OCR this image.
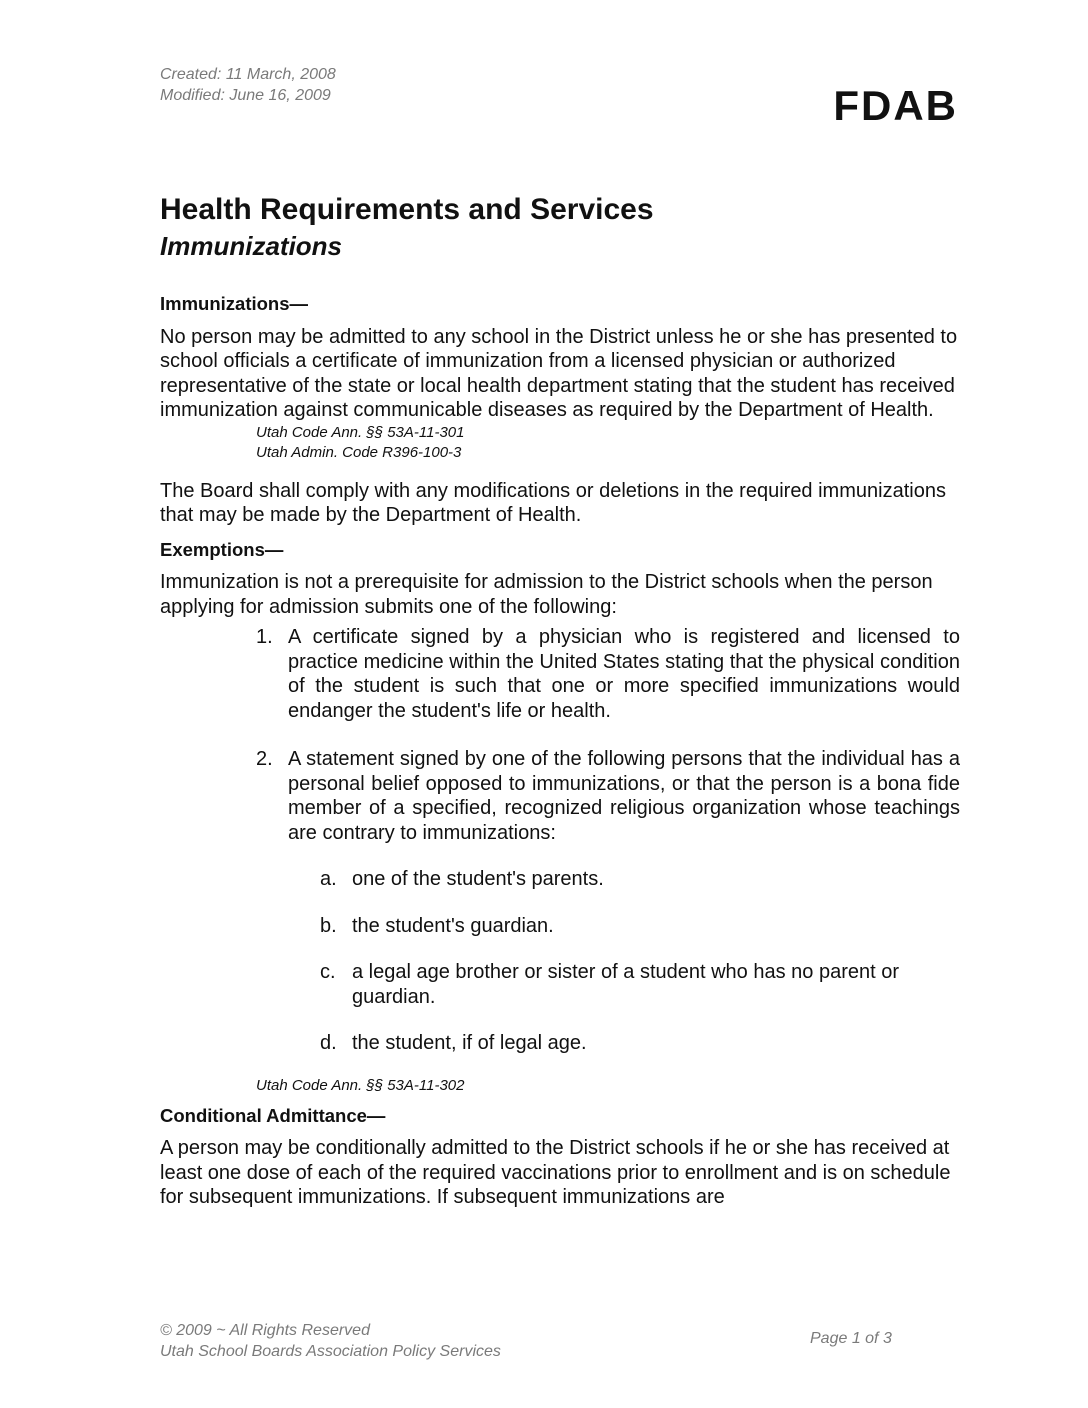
Created: 11 March, 2008
Modified: June 16, 2009	FDAB
Health Requirements and Services
Immunizations
Immunizations—

No person may be admitted to any school in the District unless he or she has presented to school officials a certificate of immunization from a licensed physician or authorized representative of the state or local health department stating that the student has received immunization against communicable diseases as required by the Department of Health.

Utah Code Ann. §§ 53A-11-301
Utah Admin. Code R396-100-3

The Board shall comply with any modifications or deletions in the required immunizations that may be made by the Department of Health.

Exemptions—

Immunization is not a prerequisite for admission to the District schools when the person applying for admission submits one of the following:

1. A certificate signed by a physician who is registered and licensed to practice medicine within the United States stating that the physical condition of the student is such that one or more specified immunizations would endanger the student's life or health.
2. A statement signed by one of the following persons that the individual has a personal belief opposed to immunizations, or that the person is a bona fide member of a specified, recognized religious organization whose teachings are contrary to immunizations:
a. one of the student's parents.
b. the student's guardian.
c. a legal age brother or sister of a student who has no parent or guardian.
d. the student, if of legal age.
Utah Code Ann. §§ 53A-11-302
Conditional Admittance—

A person may be conditionally admitted to the District schools if he or she has received at least one dose of each of the required vaccinations prior to enrollment and is on schedule for subsequent immunizations. If subsequent immunizations are

© 2009 ~ All Rights Reserved
Utah School Boards Association Policy Services
Page 1 of 3
